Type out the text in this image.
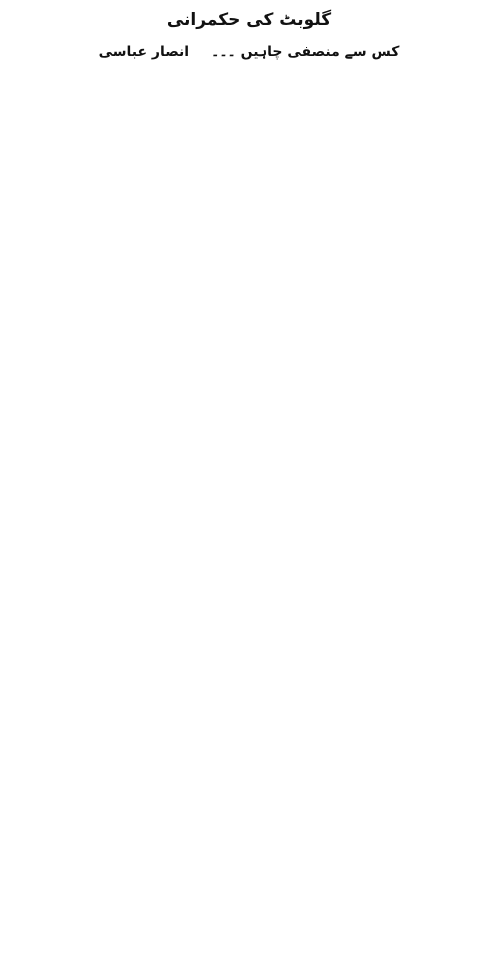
گلوبٹ کی حکمرانی
کس سے منصفی چاہیں ۔۔۔
انصار عباسی
